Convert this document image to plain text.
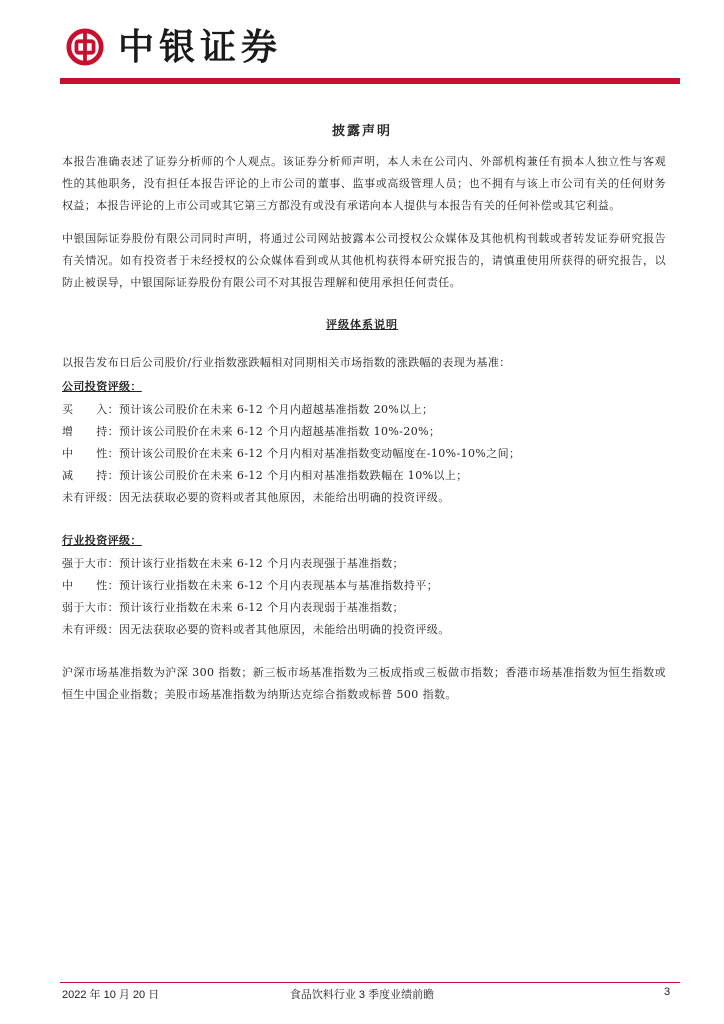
中银证券
披露声明
本报告准确表述了证券分析师的个人观点。该证券分析师声明，本人未在公司内、外部机构兼任有损本人独立性与客观性的其他职务，没有担任本报告评论的上市公司的董事、监事或高级管理人员；也不拥有与该上市公司有关的任何财务权益；本报告评论的上市公司或其它第三方都没有或没有承诺向本人提供与本报告有关的任何补偿或其它利益。
中银国际证券股份有限公司同时声明，将通过公司网站披露本公司授权公众媒体及其他机构刊载或者转发证券研究报告有关情况。如有投资者于未经授权的公众媒体看到或从其他机构获得本研究报告的，请慎重使用所获得的研究报告，以防止被误导，中银国际证券股份有限公司不对其报告理解和使用承担任何责任。
评级体系说明
以报告发布日后公司股价/行业指数涨跌幅相对同期相关市场指数的涨跌幅的表现为基准：
公司投资评级：
买　　入：预计该公司股价在未来 6-12 个月内超越基准指数 20%以上；
增　　持：预计该公司股价在未来 6-12 个月内超越基准指数 10%-20%；
中　　性：预计该公司股价在未来 6-12 个月内相对基准指数变动幅度在-10%-10%之间；
减　　持：预计该公司股价在未来 6-12 个月内相对基准指数跌幅在 10%以上；
未有评级：因无法获取必要的资料或者其他原因，未能给出明确的投资评级。
行业投资评级：
强于大市：预计该行业指数在未来 6-12 个月内表现强于基准指数；
中　　性：预计该行业指数在未来 6-12 个月内表现基本与基准指数持平；
弱于大市：预计该行业指数在未来 6-12 个月内表现弱于基准指数；
未有评级：因无法获取必要的资料或者其他原因，未能给出明确的投资评级。
沪深市场基准指数为沪深 300 指数；新三板市场基准指数为三板成指或三板做市指数；香港市场基准指数为恒生指数或恒生中国企业指数；美股市场基准指数为纳斯达克综合指数或标普 500 指数。
2022 年 10 月 20 日	食品饮料行业 3 季度业绩前瞻	3
